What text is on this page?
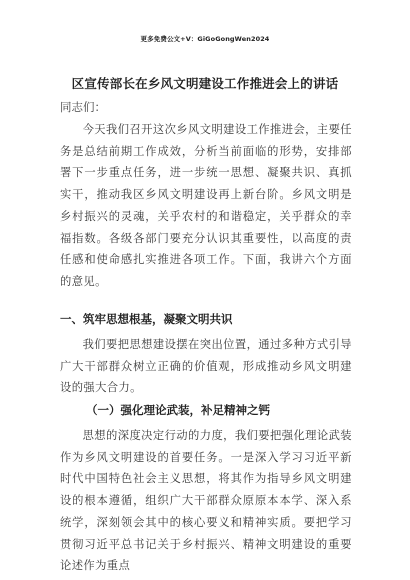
更多免费公文+V：GiGoGongWen2024
区宣传部长在乡风文明建设工作推进会上的讲话
同志们：
今天我们召开这次乡风文明建设工作推进会，主要任务是总结前期工作成效，分析当前面临的形势，安排部署下一步重点任务，进一步统一思想、凝聚共识、真抓实干，推动我区乡风文明建设再上新台阶。乡风文明是乡村振兴的灵魂，关乎农村的和谐稳定，关乎群众的幸福指数。各级各部门要充分认识其重要性，以高度的责任感和使命感扎实推进各项工作。下面，我讲六个方面的意见。
一、筑牢思想根基，凝聚文明共识
我们要把思想建设摆在突出位置，通过多种方式引导广大干部群众树立正确的价值观，形成推动乡风文明建设的强大合力。
（一）强化理论武装，补足精神之钙
思想的深度决定行动的力度，我们要把强化理论武装作为乡风文明建设的首要任务。一是深入学习习近平新时代中国特色社会主义思想，将其作为指导乡风文明建设的根本遵循，组织广大干部群众原原本本学、深入系统学，深刻领会其中的核心要义和精神实质。要把学习贯彻习近平总书记关于乡村振兴、精神文明建设的重要论述作为重点
